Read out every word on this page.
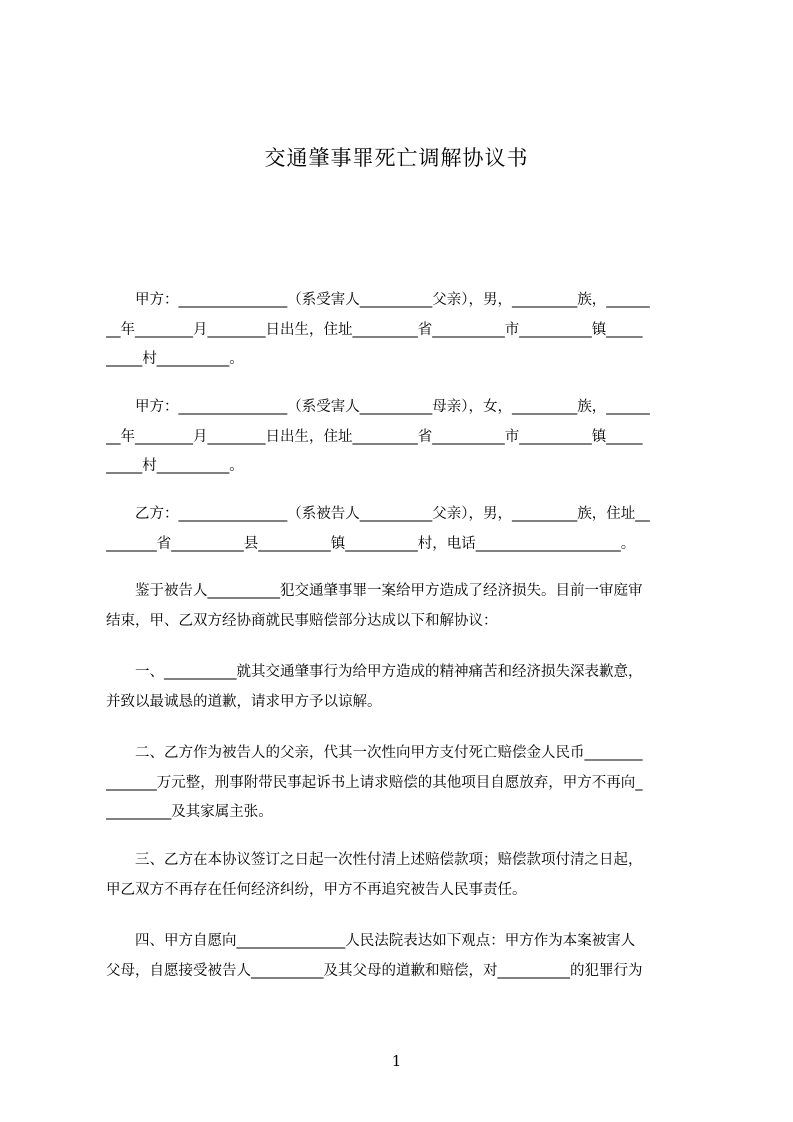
交通肇事罪死亡调解协议书
　　甲方：_______________（系受害人__________父亲），男，_________族，______
__年________月________日出生，住址_________省__________市__________镇_____
_____村__________。
　　甲方：_______________（系受害人__________母亲），女，_________族，______
__年________月________日出生，住址_________省__________市__________镇_____
_____村__________。
　　乙方：_______________（系被告人__________父亲），男，_________族，住址__
_______省__________县__________镇__________村，电话____________________。
　　鉴于被告人__________犯交通肇事罪一案给甲方造成了经济损失。目前一审庭审
结束，甲、乙双方经协商就民事赔偿部分达成以下和解协议：
　　一、__________就其交通肇事行为给甲方造成的精神痛苦和经济损失深表歉意，
并致以最诚恳的道歉，请求甲方予以谅解。
　　二、乙方作为被告人的父亲，代其一次性向甲方支付死亡赔偿金人民币________
_______万元整，刑事附带民事起诉书上请求赔偿的其他项目自愿放弃，甲方不再向_
_________及其家属主张。
　　三、乙方在本协议签订之日起一次性付清上述赔偿款项；赔偿款项付清之日起，
甲乙双方不再存在任何经济纠纷，甲方不再追究被告人民事责任。
　　四、甲方自愿向_______________人民法院表达如下观点：甲方作为本案被害人
父母，自愿接受被告人__________及其父母的道歉和赔偿，对__________的犯罪行为
1
